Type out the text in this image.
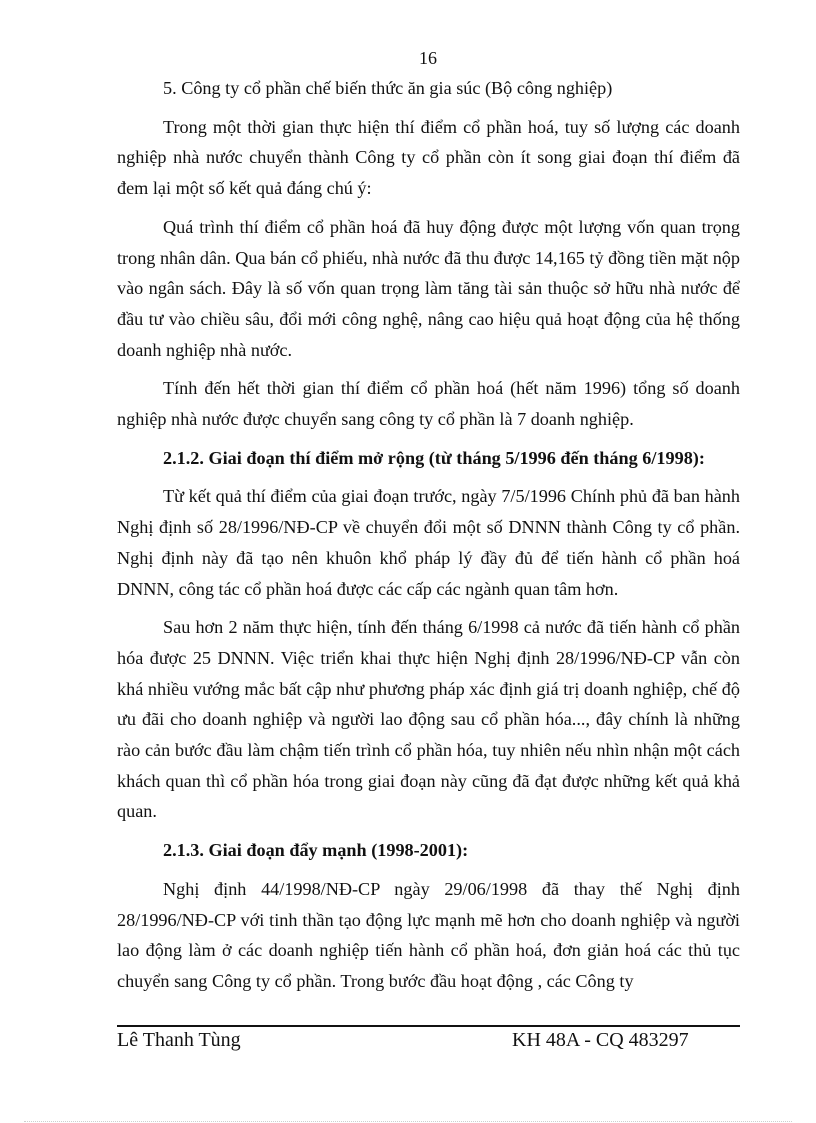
16

5. Công ty cổ phần chế biến thức ăn gia súc (Bộ công nghiệp)

Trong một thời gian thực hiện thí điểm cổ phần hoá, tuy số lượng các doanh nghiệp nhà nước chuyển thành Công ty cổ phần còn ít song giai đoạn thí điểm đã đem lại một số kết quả đáng chú ý:

Quá trình thí điểm cổ phần hoá đã huy động được một lượng vốn quan trọng trong nhân dân. Qua bán cổ phiếu, nhà nước đã thu được 14,165 tỷ đồng tiền mặt nộp vào ngân sách. Đây là số vốn quan trọng làm tăng tài sản thuộc sở hữu nhà nước để đầu tư vào chiều sâu, đổi mới công nghệ, nâng cao hiệu quả hoạt động của hệ thống doanh nghiệp nhà nước.

Tính đến hết thời gian thí điểm cổ phần hoá (hết năm 1996) tổng số doanh nghiệp nhà nước được chuyển sang công ty cổ phần là 7 doanh nghiệp.

2.1.2. Giai đoạn thí điểm mở rộng (từ tháng 5/1996 đến tháng 6/1998):

Từ kết quả thí điểm của giai đoạn trước, ngày 7/5/1996 Chính phủ đã ban hành Nghị định số 28/1996/NĐ-CP về chuyển đổi một số DNNN thành Công ty cổ phần. Nghị định này đã tạo nên khuôn khổ pháp lý đầy đủ để tiến hành cổ phần hoá DNNN, công tác cổ phần hoá được các cấp các ngành quan tâm hơn.

Sau hơn 2 năm thực hiện, tính đến tháng 6/1998 cả nước đã tiến hành cổ phần hóa được 25 DNNN. Việc triển khai thực hiện Nghị định 28/1996/NĐ-CP vẫn còn khá nhiều vướng mắc bất cập như phương pháp xác định giá trị doanh nghiệp, chế độ ưu đãi cho doanh nghiệp và người lao động sau cổ phần hóa..., đây chính là những rào cản bước đầu làm chậm tiến trình cổ phần hóa, tuy nhiên nếu nhìn nhận một cách khách quan thì cổ phần hóa trong giai đoạn này cũng đã đạt được những kết quả khả quan.

2.1.3. Giai đoạn đẩy mạnh (1998-2001):

Nghị định 44/1998/NĐ-CP ngày 29/06/1998 đã thay thế Nghị định 28/1996/NĐ-CP với tinh thần tạo động lực mạnh mẽ hơn cho doanh nghiệp và người lao động làm ở các doanh nghiệp tiến hành cổ phần hoá, đơn giản hoá các thủ tục chuyển sang Công ty cổ phần. Trong bước đầu hoạt động , các Công ty

Lê Thanh Tùng	KH 48A - CQ 483297
